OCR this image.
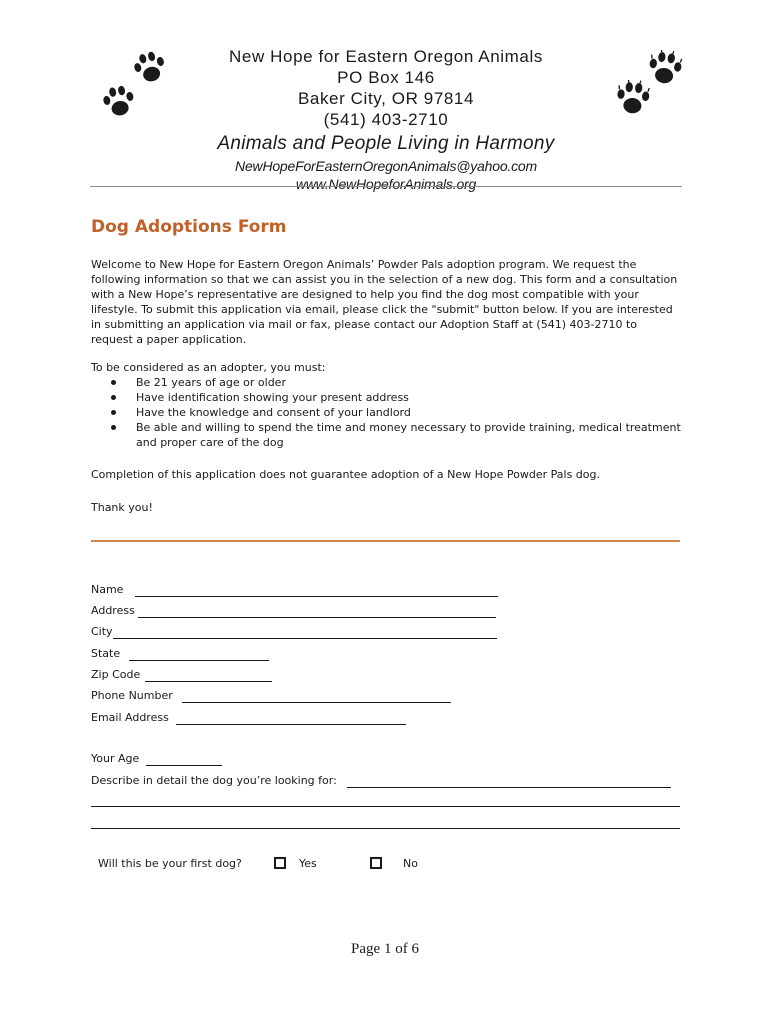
New Hope for Eastern Oregon Animals
PO Box 146
Baker City, OR 97814
(541) 403-2710
Animals and People Living in Harmony
NewHopeForEasternOregonAnimals@yahoo.com
www.NewHopeforAnimals.org
Dog Adoptions Form

Welcome to New Hope for Eastern Oregon Animals’ Powder Pals adoption program. We request the following information so that we can assist you in the selection of a new dog. This form and a consultation with a New Hope’s representative are designed to help you find the dog most compatible with your lifestyle. To submit this application via email, please click the "submit" button below. If you are interested in submitting an application via mail or fax, please contact our Adoption Staff at (541) 403-2710 to request a paper application.

To be considered as an adopter, you must:

Be 21 years of age or older
Have identification showing your present address
Have the knowledge and consent of your landlord
Be able and willing to spend the time and money necessary to provide training, medical treatment and proper care of the dog

Completion of this application does not guarantee adoption of a New Hope Powder Pals dog.

Thank you!

Name
Address
City
State
Zip Code
Phone Number
Email Address
Your Age
Describe in detail the dog you’re looking for:
Will this be your first dog?	Yes	No
Page 1 of 6
